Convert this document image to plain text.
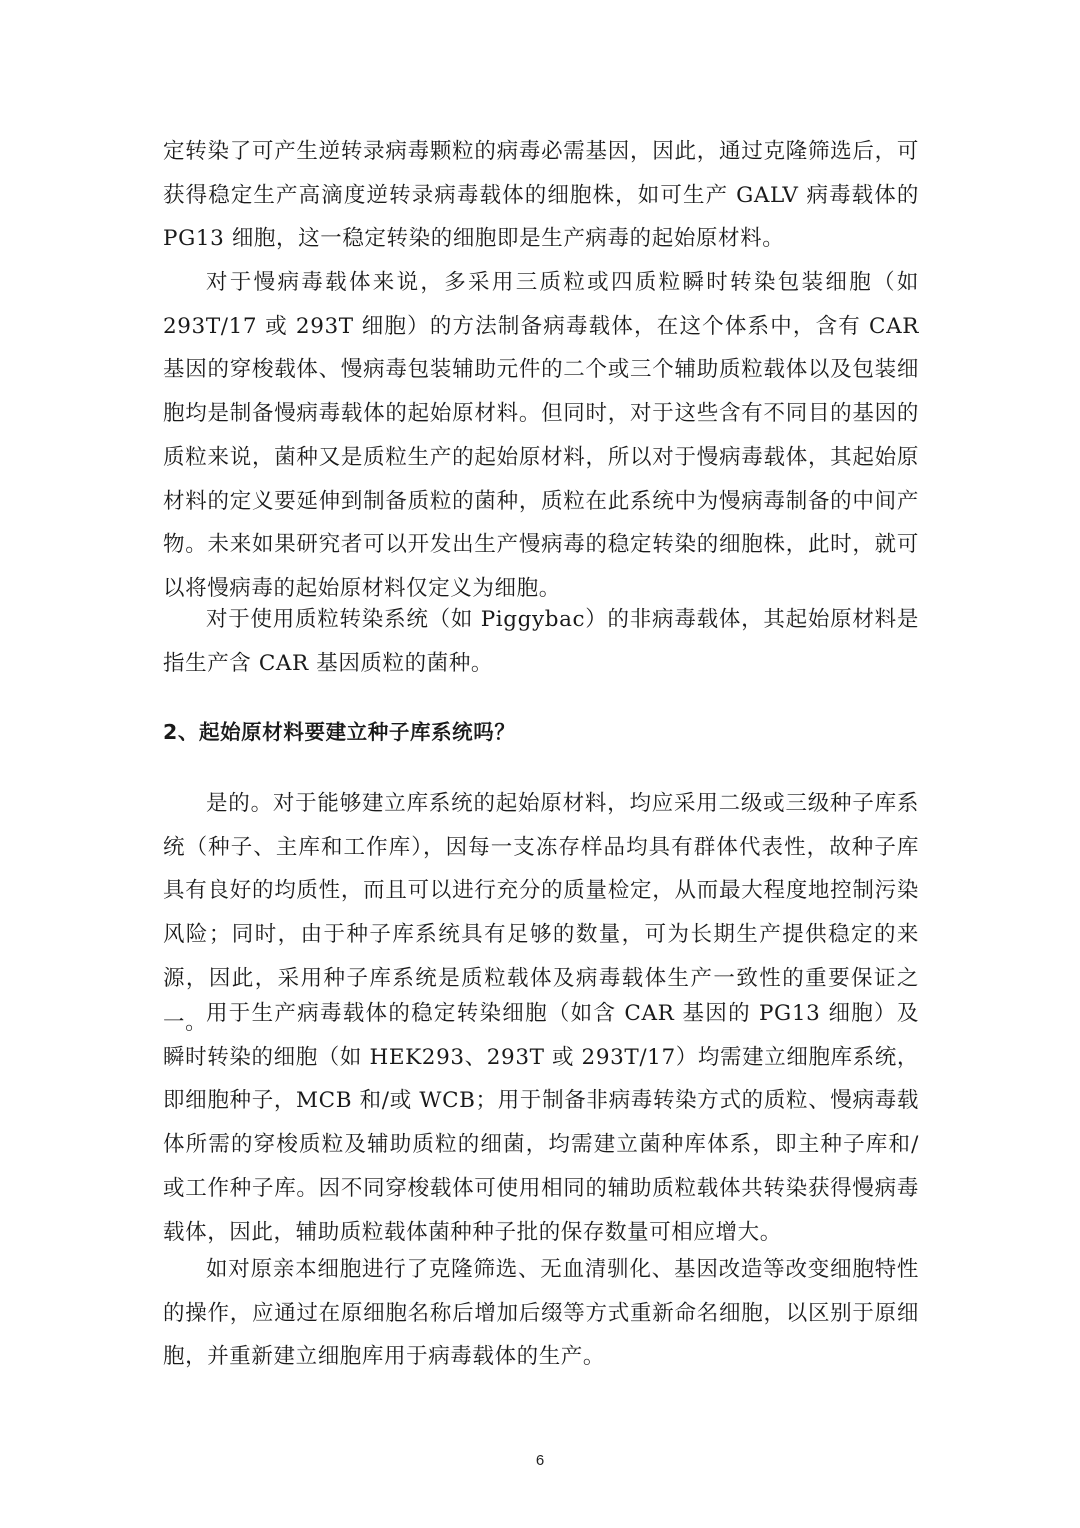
定转染了可产生逆转录病毒颗粒的病毒必需基因，因此，通过克隆筛选后，可获得稳定生产高滴度逆转录病毒载体的细胞株，如可生产 GALV 病毒载体的 PG13 细胞，这一稳定转染的细胞即是生产病毒的起始原材料。

对于慢病毒载体来说，多采用三质粒或四质粒瞬时转染包装细胞（如293T/17 或 293T 细胞）的方法制备病毒载体，在这个体系中，含有 CAR 基因的穿梭载体、慢病毒包装辅助元件的二个或三个辅助质粒载体以及包装细胞均是制备慢病毒载体的起始原材料。但同时，对于这些含有不同目的基因的质粒来说，菌种又是质粒生产的起始原材料，所以对于慢病毒载体，其起始原材料的定义要延伸到制备质粒的菌种，质粒在此系统中为慢病毒制备的中间产物。未来如果研究者可以开发出生产慢病毒的稳定转染的细胞株，此时，就可以将慢病毒的起始原材料仅定义为细胞。

对于使用质粒转染系统（如 Piggybac）的非病毒载体，其起始原材料是指生产含 CAR 基因质粒的菌种。

2、起始原材料要建立种子库系统吗？

是的。对于能够建立库系统的起始原材料，均应采用二级或三级种子库系统（种子、主库和工作库），因每一支冻存样品均具有群体代表性，故种子库具有良好的均质性，而且可以进行充分的质量检定，从而最大程度地控制污染风险；同时，由于种子库系统具有足够的数量，可为长期生产提供稳定的来源，因此，采用种子库系统是质粒载体及病毒载体生产一致性的重要保证之一。

用于生产病毒载体的稳定转染细胞（如含 CAR 基因的 PG13 细胞）及瞬时转染的细胞（如 HEK293、293T 或 293T/17）均需建立细胞库系统，即细胞种子，MCB 和/或 WCB；用于制备非病毒转染方式的质粒、慢病毒载体所需的穿梭质粒及辅助质粒的细菌，均需建立菌种库体系，即主种子库和/或工作种子库。因不同穿梭载体可使用相同的辅助质粒载体共转染获得慢病毒载体，因此，辅助质粒载体菌种种子批的保存数量可相应增大。

如对原亲本细胞进行了克隆筛选、无血清驯化、基因改造等改变细胞特性的操作，应通过在原细胞名称后增加后缀等方式重新命名细胞，以区别于原细胞，并重新建立细胞库用于病毒载体的生产。

6
